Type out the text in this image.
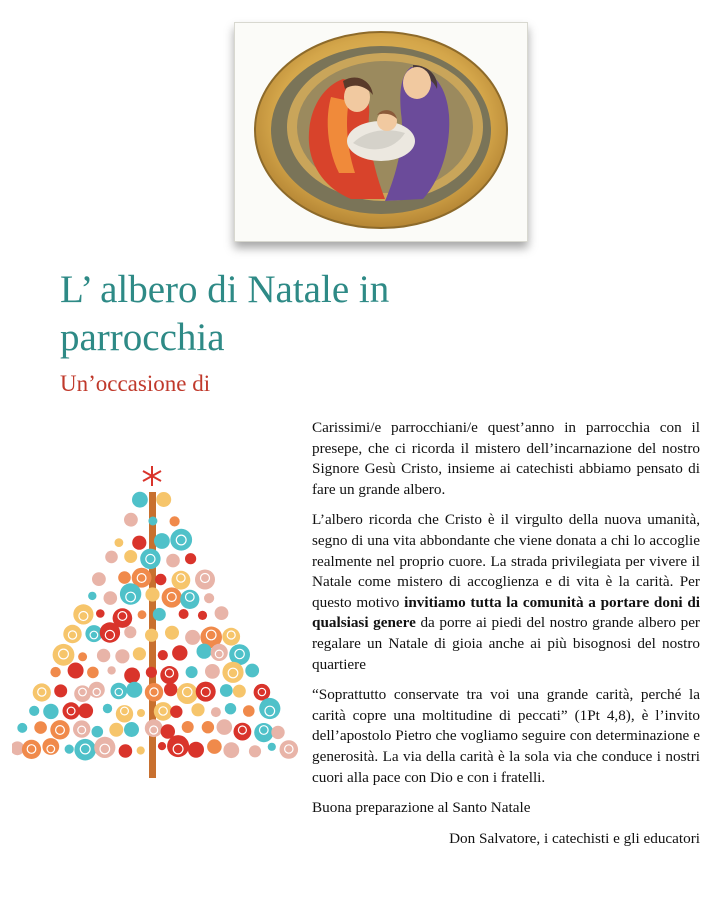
L’ albero di Natale in parrocchia
Un’occasione di

Carissimi/e parrocchiani/e quest’anno in parrocchia con il presepe, che ci ricorda il mistero dell’incarnazione del nostro Signore Gesù Cristo, insieme ai catechisti abbiamo pensato di fare un grande albero.

L’albero ricorda che Cristo è il virgulto della nuova umanità, segno di una vita abbondante che viene donata a chi lo accoglie realmente nel proprio cuore. La strada privilegiata per vivere il Natale come mistero di accoglienza e di vita è la carità. Per questo motivo invitiamo tutta la comunità a portare doni di qualsiasi genere da porre ai piedi del nostro grande albero per regalare un Natale di gioia anche ai più bisognosi del nostro quartiere

“Soprattutto conservate tra voi una grande carità, perché la carità copre una moltitudine di peccati” (1Pt 4,8), è l’invito dell’apostolo Pietro che vogliamo seguire con determinazione e generosità. La via della carità è la sola via che conduce i nostri cuori alla pace con Dio e con i fratelli.

Buona preparazione al Santo Natale

Don Salvatore, i catechisti e gli educatori
